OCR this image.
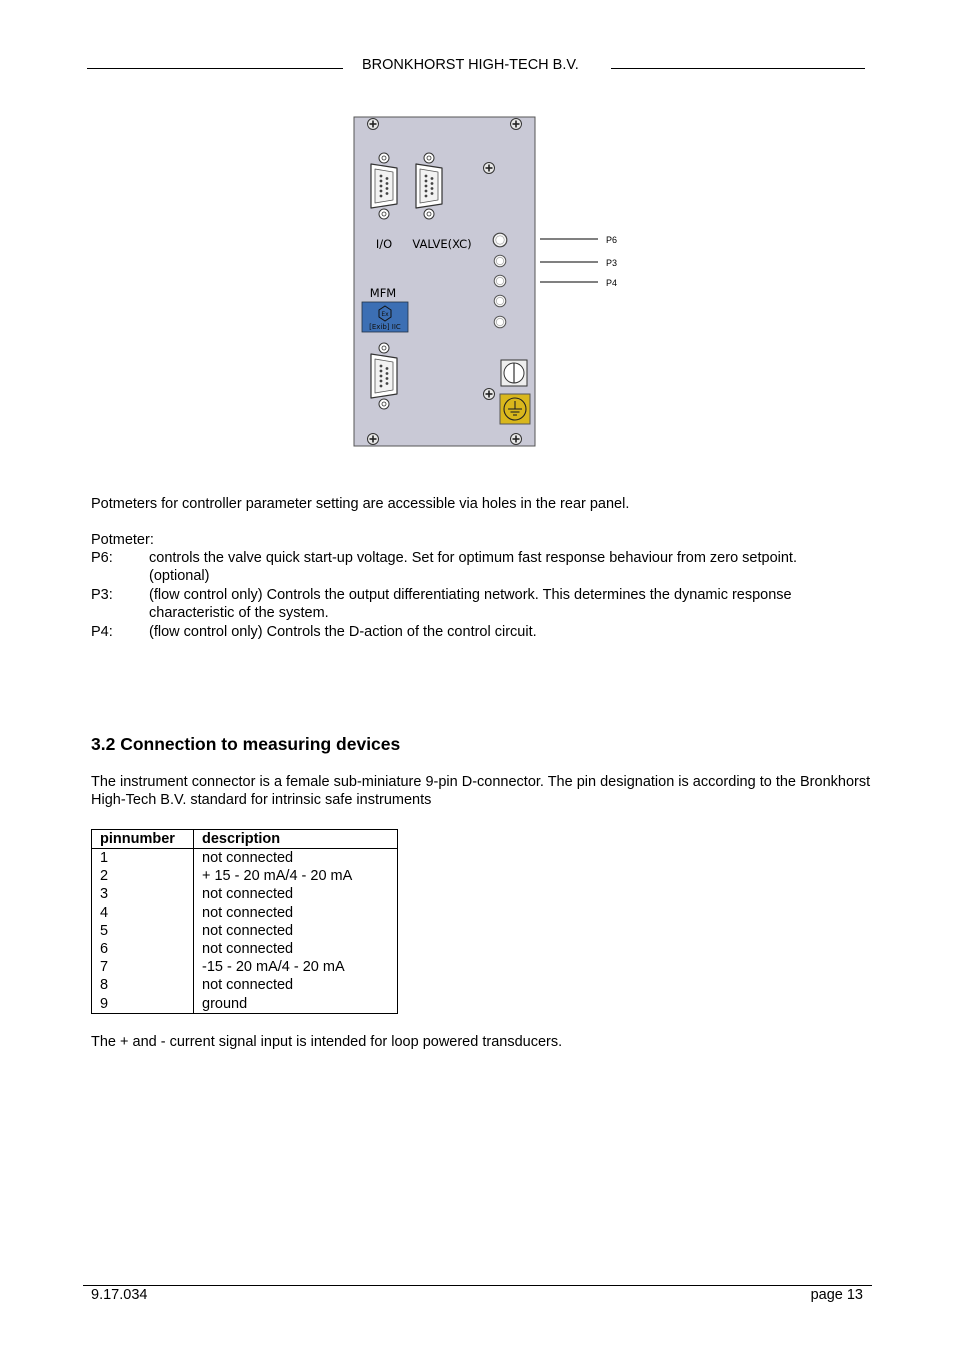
BRONKHORST HIGH-TECH B.V.
I/O VALVE(XC)
MFM
Ex
[Exib] IIC
P6
P3
P4
Potmeters for controller parameter setting are accessible via holes in the rear panel.
Potmeter:
P6: controls the valve quick start-up voltage. Set for optimum fast response behaviour from zero setpoint. (optional)
P3: (flow control only) Controls the output differentiating network. This determines the dynamic response characteristic of the system.
P4: (flow control only) Controls the D-action of the control circuit.
3.2 Connection to measuring devices
The instrument connector is a female sub-miniature 9-pin D-connector. The pin designation is according to the Bronkhorst High-Tech B.V. standard for intrinsic safe instruments
pinnumber	description
1	not connected
2	+ 15 - 20 mA/4 - 20 mA
3	not connected
4	not connected
5	not connected
6	not connected
7	-15 - 20 mA/4 - 20 mA
8	not connected
9	ground
The + and - current signal input is intended for loop powered transducers.
9.17.034	page 13
